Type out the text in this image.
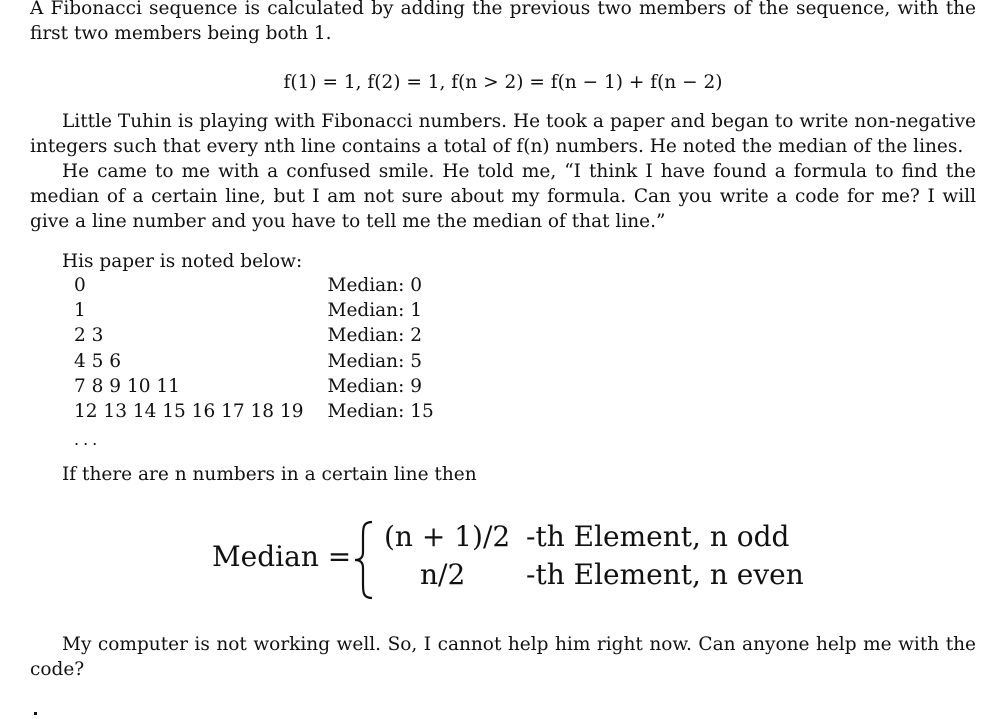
A Fibonacci sequence is calculated by adding the previous two members of the sequence, with the first two members being both 1.

f(1) = 1, f(2) = 1, f(n > 2) = f(n − 1) + f(n − 2)

Little Tuhin is playing with Fibonacci numbers. He took a paper and began to write non-negative integers such that every nth line contains a total of f(n) numbers. He noted the median of the lines.

He came to me with a confused smile. He told me, “I think I have found a formula to find the median of a certain line, but I am not sure about my formula. Can you write a code for me? I will give a line number and you have to tell me the median of that line.”

His paper is noted below:
0	Median: 0
1	Median: 1
2 3	Median: 2
4 5 6	Median: 5
7 8 9 10 11	Median: 9
12 13 14 15 16 17 18 19	Median: 15
...
If there are n numbers in a certain line then
Median =
(n + 1)/2
n/2
-th Element, n odd
-th Element, n even

My computer is not working well. So, I cannot help him right now. Can anyone help me with the code?
